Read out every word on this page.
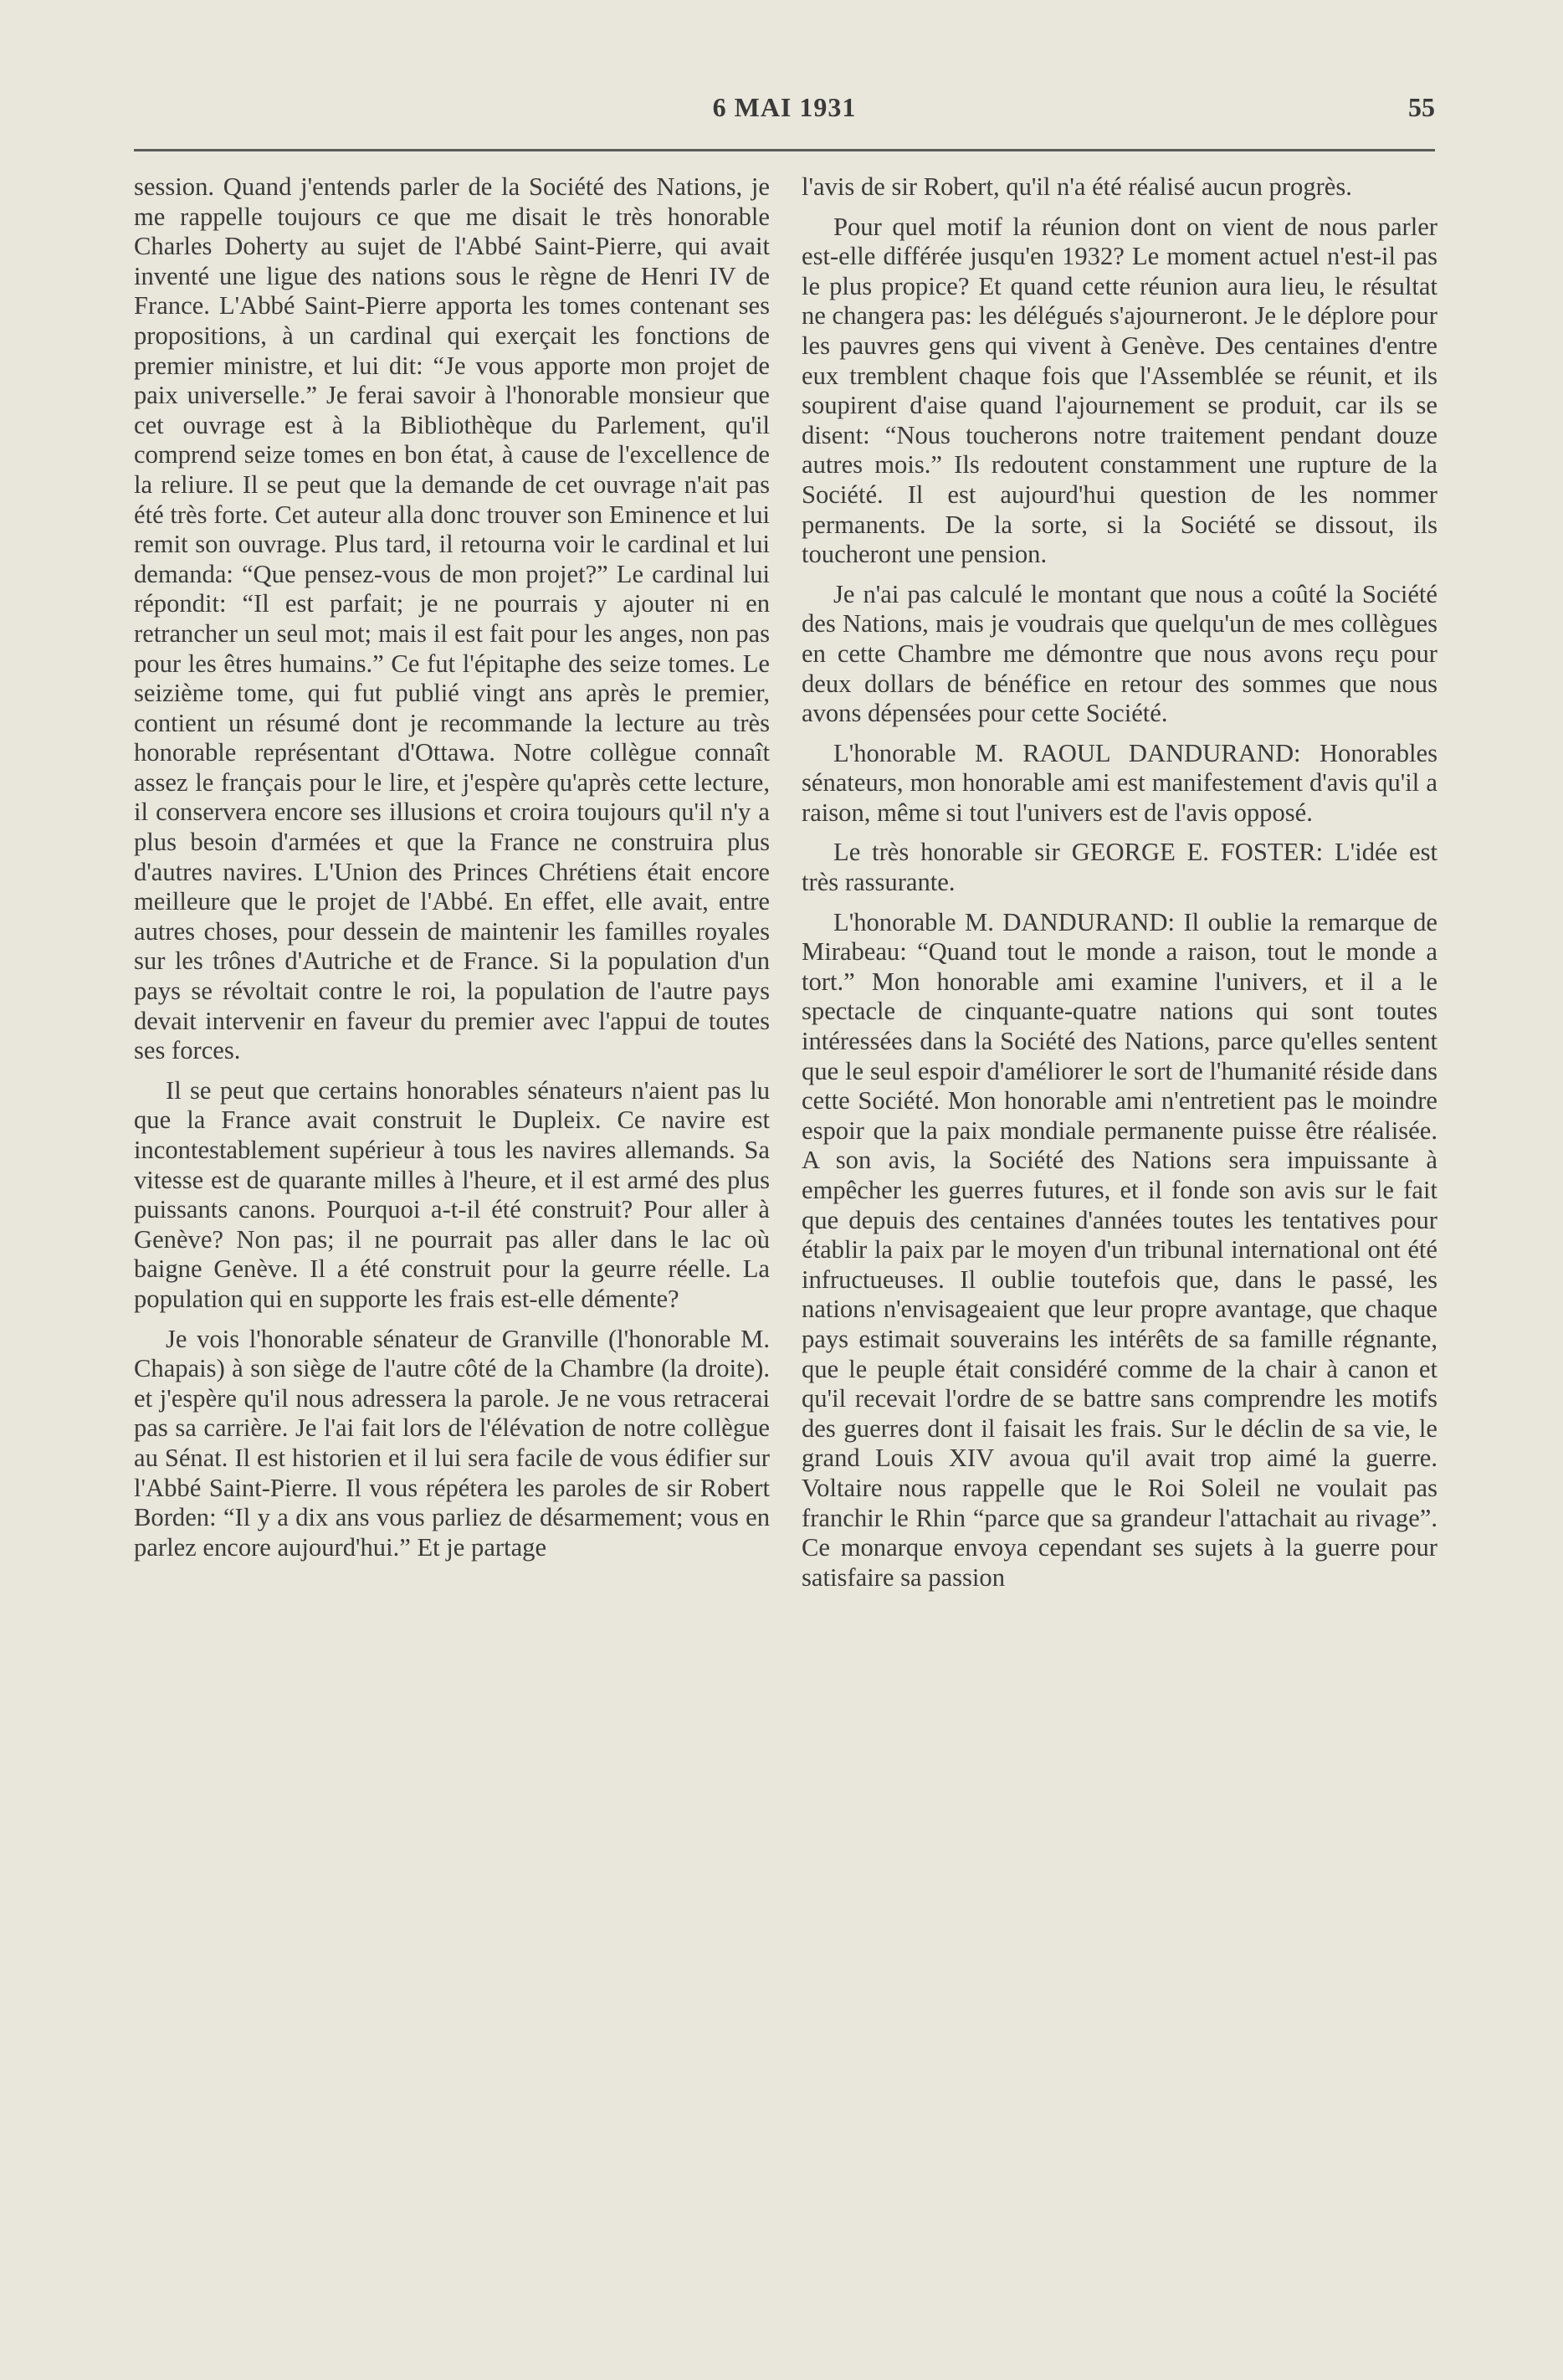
6 MAI 1931	55

session. Quand j'entends parler de la Société des Nations, je me rappelle toujours ce que me disait le très honorable Charles Doherty au sujet de l'Abbé Saint-Pierre, qui avait inventé une ligue des nations sous le règne de Henri IV de France. L'Abbé Saint-Pierre apporta les tomes contenant ses propositions, à un cardinal qui exerçait les fonctions de premier ministre, et lui dit: “Je vous apporte mon projet de paix universelle.” Je ferai savoir à l'honorable monsieur que cet ouvrage est à la Bibliothèque du Parlement, qu'il comprend seize tomes en bon état, à cause de l'excellence de la reliure. Il se peut que la demande de cet ouvrage n'ait pas été très forte. Cet auteur alla donc trouver son Eminence et lui remit son ouvrage. Plus tard, il retourna voir le cardinal et lui demanda: “Que pensez-vous de mon projet?” Le cardinal lui répondit: “Il est parfait; je ne pourrais y ajouter ni en retrancher un seul mot; mais il est fait pour les anges, non pas pour les êtres humains.” Ce fut l'épitaphe des seize tomes. Le seizième tome, qui fut publié vingt ans après le premier, contient un résumé dont je recommande la lecture au très honorable représentant d'Ottawa. Notre collègue connaît assez le français pour le lire, et j'espère qu'après cette lecture, il conservera encore ses illusions et croira toujours qu'il n'y a plus besoin d'armées et que la France ne construira plus d'autres navires. L'Union des Princes Chrétiens était encore meilleure que le projet de l'Abbé. En effet, elle avait, entre autres choses, pour dessein de maintenir les familles royales sur les trônes d'Autriche et de France. Si la population d'un pays se révoltait contre le roi, la population de l'autre pays devait intervenir en faveur du premier avec l'appui de toutes ses forces.

Il se peut que certains honorables sénateurs n'aient pas lu que la France avait construit le Dupleix. Ce navire est incontestablement supérieur à tous les navires allemands. Sa vitesse est de quarante milles à l'heure, et il est armé des plus puissants canons. Pourquoi a-t-il été construit? Pour aller à Genève? Non pas; il ne pourrait pas aller dans le lac où baigne Genève. Il a été construit pour la geurre réelle. La population qui en supporte les frais est-elle démente?

Je vois l'honorable sénateur de Granville (l'honorable M. Chapais) à son siège de l'autre côté de la Chambre (la droite). et j'espère qu'il nous adressera la parole. Je ne vous retracerai pas sa carrière. Je l'ai fait lors de l'élévation de notre collègue au Sénat. Il est historien et il lui sera facile de vous édifier sur l'Abbé Saint-Pierre. Il vous répétera les paroles de sir Robert Borden: “Il y a dix ans vous parliez de désarmement; vous en parlez encore aujourd'hui.” Et je partage

l'avis de sir Robert, qu'il n'a été réalisé aucun progrès.

Pour quel motif la réunion dont on vient de nous parler est-elle différée jusqu'en 1932? Le moment actuel n'est-il pas le plus propice? Et quand cette réunion aura lieu, le résultat ne changera pas: les délégués s'ajourneront. Je le déplore pour les pauvres gens qui vivent à Genève. Des centaines d'entre eux tremblent chaque fois que l'Assemblée se réunit, et ils soupirent d'aise quand l'ajournement se produit, car ils se disent: “Nous toucherons notre traitement pendant douze autres mois.” Ils redoutent constamment une rupture de la Société. Il est aujourd'hui question de les nommer permanents. De la sorte, si la Société se dissout, ils toucheront une pension.

Je n'ai pas calculé le montant que nous a coûté la Société des Nations, mais je voudrais que quelqu'un de mes collègues en cette Chambre me démontre que nous avons reçu pour deux dollars de bénéfice en retour des sommes que nous avons dépensées pour cette Société.

L'honorable M. RAOUL DANDURAND: Honorables sénateurs, mon honorable ami est manifestement d'avis qu'il a raison, même si tout l'univers est de l'avis opposé.

Le très honorable sir GEORGE E. FOSTER: L'idée est très rassurante.

L'honorable M. DANDURAND: Il oublie la remarque de Mirabeau: “Quand tout le monde a raison, tout le monde a tort.” Mon honorable ami examine l'univers, et il a le spectacle de cinquante-quatre nations qui sont toutes intéressées dans la Société des Nations, parce qu'elles sentent que le seul espoir d'améliorer le sort de l'humanité réside dans cette Société. Mon honorable ami n'entretient pas le moindre espoir que la paix mondiale permanente puisse être réalisée. A son avis, la Société des Nations sera impuissante à empêcher les guerres futures, et il fonde son avis sur le fait que depuis des centaines d'années toutes les tentatives pour établir la paix par le moyen d'un tribunal international ont été infructueuses. Il oublie toutefois que, dans le passé, les nations n'envisageaient que leur propre avantage, que chaque pays estimait souverains les intérêts de sa famille régnante, que le peuple était considéré comme de la chair à canon et qu'il recevait l'ordre de se battre sans comprendre les motifs des guerres dont il faisait les frais. Sur le déclin de sa vie, le grand Louis XIV avoua qu'il avait trop aimé la guerre. Voltaire nous rappelle que le Roi Soleil ne voulait pas franchir le Rhin “parce que sa grandeur l'attachait au rivage”. Ce monarque envoya cependant ses sujets à la guerre pour satisfaire sa passion
